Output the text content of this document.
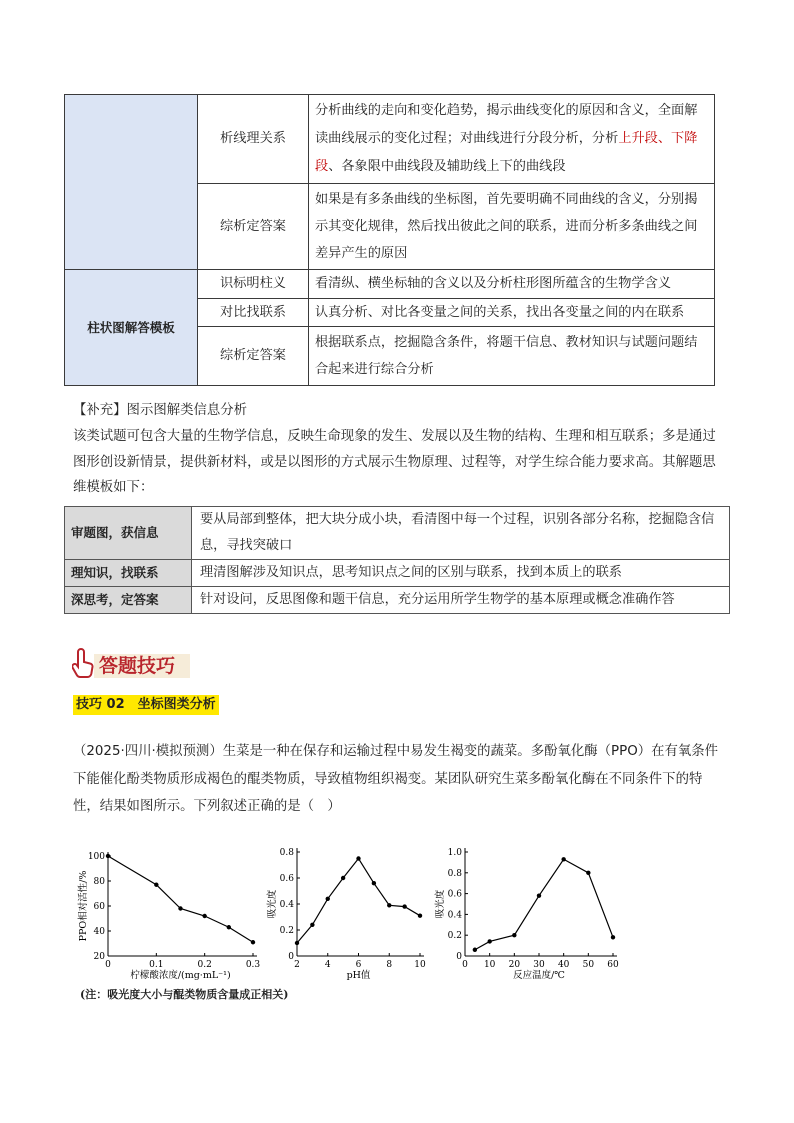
	析线理关系	分析曲线的走向和变化趋势，揭示曲线变化的原因和含义，全面解读曲线展示的变化过程；对曲线进行分段分析，分析上升段、下降段、各象限中曲线段及辅助线上下的曲线段
	综析定答案	如果是有多条曲线的坐标图，首先要明确不同曲线的含义，分别揭示其变化规律，然后找出彼此之间的联系，进而分析多条曲线之间差异产生的原因
柱状图解答模板	识标明柱义	看清纵、横坐标轴的含义以及分析柱形图所蕴含的生物学含义
	对比找联系	认真分析、对比各变量之间的关系，找出各变量之间的内在联系
	综析定答案	根据联系点，挖掘隐含条件，将题干信息、教材知识与试题问题结合起来进行综合分析
【补充】图示图解类信息分析
该类试题可包含大量的生物学信息，反映生命现象的发生、发展以及生物的结构、生理和相互联系；多是通过图形创设新情景，提供新材料，或是以图形的方式展示生物原理、过程等，对学生综合能力要求高。其解题思维模板如下：
审题图，获信息	要从局部到整体，把大块分成小块，看清图中每一个过程，识别各部分名称，挖掘隐含信息，寻找突破口
理知识，找联系	理清图解涉及知识点，思考知识点之间的区别与联系，找到本质上的联系
深思考，定答案	针对设问，反思图像和题干信息，充分运用所学生物学的基本原理或概念准确作答
答题技巧
技巧 02　坐标图类分析
（2025·四川·模拟预测）生菜是一种在保存和运输过程中易发生褐变的蔬菜。多酚氧化酶（PPO）在有氧条件下能催化酚类物质形成褐色的醌类物质，导致植物组织褐变。某团队研究生菜多酚氧化酶在不同条件下的特性，结果如图所示。下列叙述正确的是（　）
0	0.1	0.2	0.3
20
40
60
80
100
柠檬酸浓度/(mg·mL⁻¹)
PPO相对活性/%
2	4	6	8 10
0
0.2
0.4
0.6
0.8
pH值
吸光度
0 10 20 30 40 50 60
0
0.2
0.4
0.6
0.8
1.0
反应温度/℃
吸光度
(注：吸光度大小与醌类物质含量成正相关)
